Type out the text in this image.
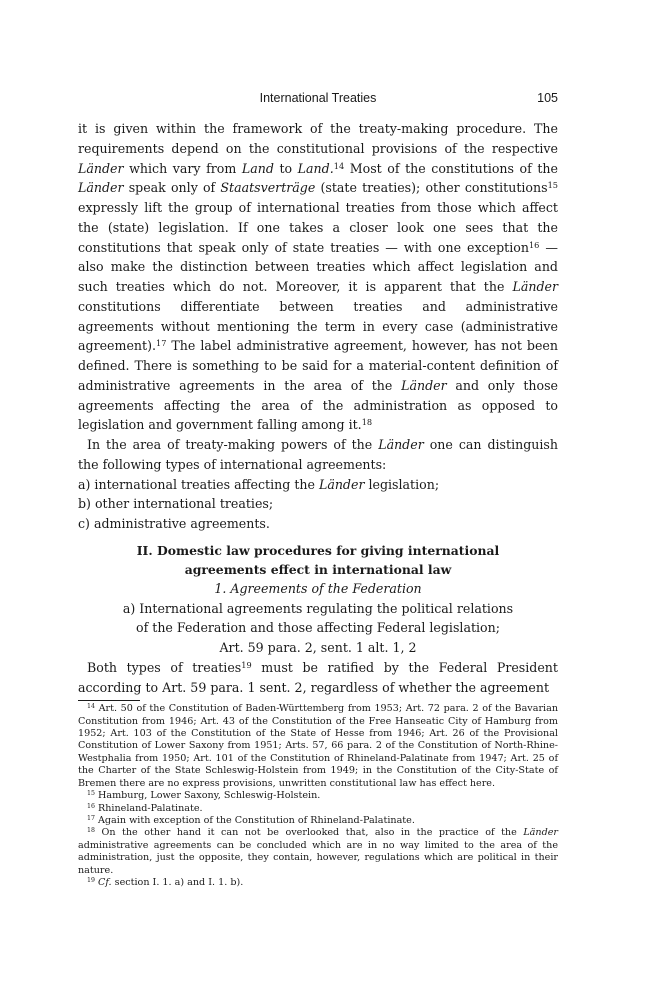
International Treaties	105

it is given within the framework of the treaty-making procedure. The requirements depend on the constitutional provisions of the respective Länder which vary from Land to Land.$^{14}$ Most of the constitutions of the Länder speak only of Staatsverträge (state treaties); other constitutions$^{15}$ expressly lift the group of international treaties from those which affect the (state) legislation. If one takes a closer look one sees that the constitutions that speak only of state treaties — with one exception$^{16}$ — also make the distinction between treaties which affect legislation and such treaties which do not. Moreover, it is apparent that the Länder constitutions differentiate between treaties and administrative agreements without mentioning the term in every case (administrative agreement).$^{17}$ The label administrative agreement, however, has not been defined. There is something to be said for a material-content definition of administrative agreements in the area of the Länder and only those agreements affecting the area of the administration as opposed to legislation and government falling among it.$^{18}$

In the area of treaty-making powers of the Länder one can distinguish the following types of international agreements:

a) international treaties affecting the Länder legislation;
b) other international treaties;
c) administrative agreements.
II. Domestic law procedures for giving international
agreements effect in international law

1. Agreements of the Federation

a) International agreements regulating the political relations
of the Federation and those affecting Federal legislation;
Art. 59 para. 2, sent. 1 alt. 1, 2

Both types of treaties$^{19}$ must be ratified by the Federal President according to Art. 59 para. 1 sent. 2, regardless of whether the agreement

$^{14}$ Art. 50 of the Constitution of Baden-Württemberg from 1953; Art. 72 para. 2 of the Bavarian Constitution from 1946; Art. 43 of the Constitution of the Free Hanseatic City of Hamburg from 1952; Art. 103 of the Constitution of the State of Hesse from 1946; Art. 26 of the Provisional Constitution of Lower Saxony from 1951; Arts. 57, 66 para. 2 of the Constitution of North-Rhine-Westphalia from 1950; Art. 101 of the Constitution of Rhineland-Palatinate from 1947; Art. 25 of the Charter of the State Schleswig-Holstein from 1949; in the Constitution of the City-State of Bremen there are no express provisions, unwritten constitutional law has effect here.

$^{15}$ Hamburg, Lower Saxony, Schleswig-Holstein.

$^{16}$ Rhineland-Palatinate.

$^{17}$ Again with exception of the Constitution of Rhineland-Palatinate.

$^{18}$ On the other hand it can not be overlooked that, also in the practice of the Länder administrative agreements can be concluded which are in no way limited to the area of the administration, just the opposite, they contain, however, regulations which are political in their nature.

$^{19}$ Cf. section I. 1. a) and I. 1. b).
